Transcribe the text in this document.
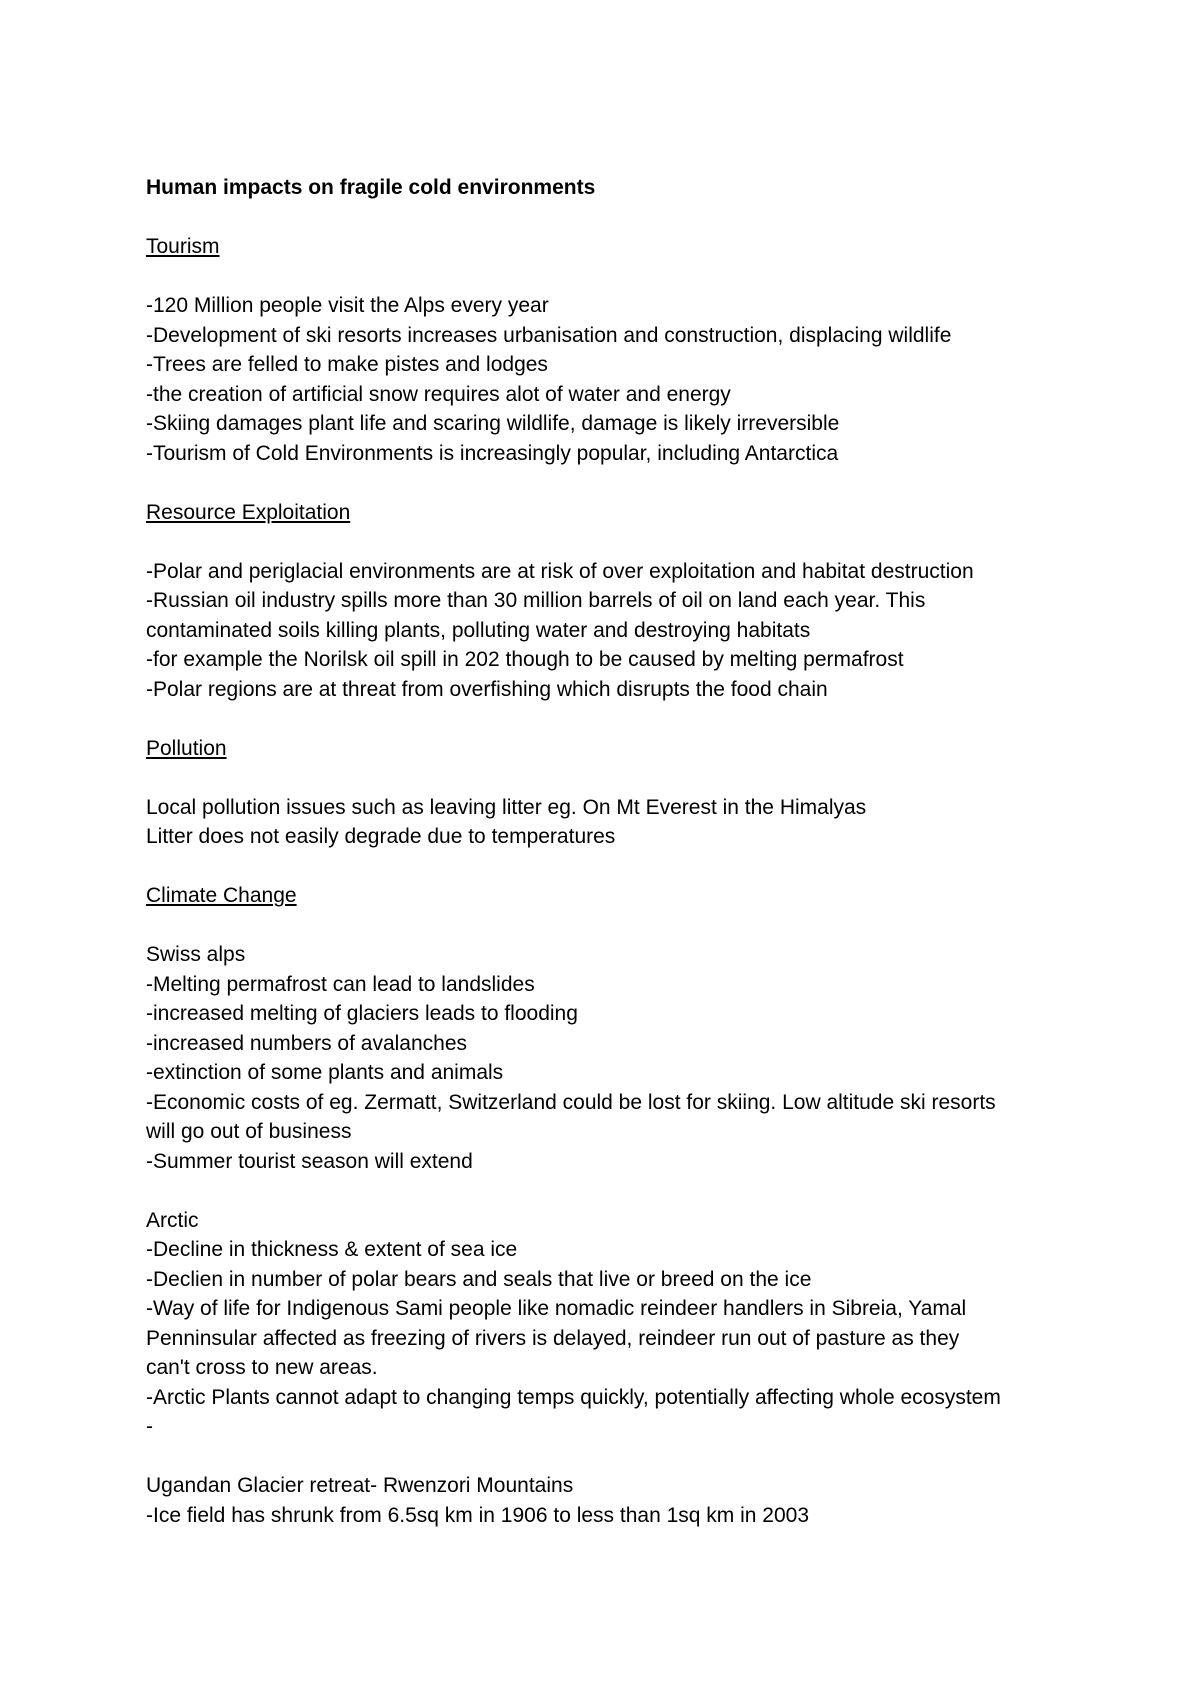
Human impacts on fragile cold environments

Tourism

-120 Million people visit the Alps every year

-Development of ski resorts increases urbanisation and construction, displacing wildlife

-Trees are felled to make pistes and lodges

-the creation of artificial snow requires alot of water and energy

-Skiing damages plant life and scaring wildlife, damage is likely irreversible

-Tourism of Cold Environments is increasingly popular, including Antarctica

Resource Exploitation

-Polar and periglacial environments are at risk of over exploitation and habitat destruction

-Russian oil industry spills more than 30 million barrels of oil on land each year. This

contaminated soils killing plants, polluting water and destroying habitats

-for example the Norilsk oil spill in 202 though to be caused by melting permafrost

-Polar regions are at threat from overfishing which disrupts the food chain

Pollution

Local pollution issues such as leaving litter eg. On Mt Everest in the Himalyas

Litter does not easily degrade due to temperatures

Climate Change

Swiss alps

-Melting permafrost can lead to landslides

-increased melting of glaciers leads to flooding

-increased numbers of avalanches

-extinction of some plants and animals

-Economic costs of eg. Zermatt, Switzerland could be lost for skiing. Low altitude ski resorts

will go out of business

-Summer tourist season will extend

Arctic

-Decline in thickness & extent of sea ice

-Declien in number of polar bears and seals that live or breed on the ice

-Way of life for Indigenous Sami people like nomadic reindeer handlers in Sibreia, Yamal

Penninsular affected as freezing of rivers is delayed, reindeer run out of pasture as they

can't cross to new areas.

-Arctic Plants cannot adapt to changing temps quickly, potentially affecting whole ecosystem

-

Ugandan Glacier retreat- Rwenzori Mountains

-Ice field has shrunk from 6.5sq km in 1906 to less than 1sq km in 2003
